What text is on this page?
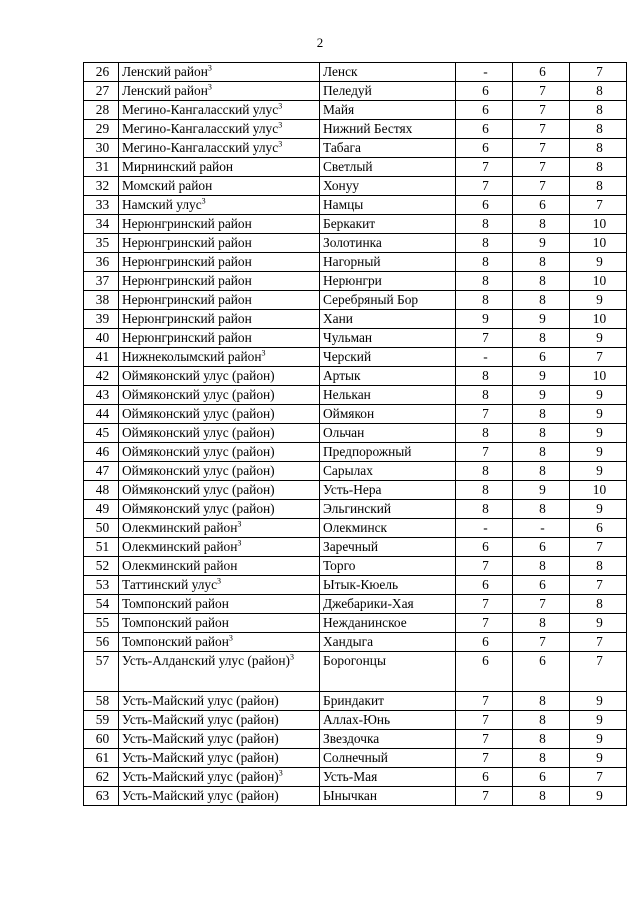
2
26	Ленский район$^3$	Ленск	-	6	7
27	Ленский район$^3$	Пеледуй	6	7	8
28	Мегино-Кангаласский улус$^3$	Майя	6	7	8
29	Мегино-Кангаласский улус$^3$	Нижний Бестях	6	7	8
30	Мегино-Кангаласский улус$^3$	Табага	6	7	8
31	Мирнинский район	Светлый	7	7	8
32	Момский район	Хонуу	7	7	8
33	Намский улус$^3$	Намцы	6	6	7
34	Нерюнгринский район	Беркакит	8	8	10
35	Нерюнгринский район	Золотинка	8	9	10
36	Нерюнгринский район	Нагорный	8	8	9
37	Нерюнгринский район	Нерюнгри	8	8	10
38	Нерюнгринский район	Серебряный Бор	8	8	9
39	Нерюнгринский район	Хани	9	9	10
40	Нерюнгринский район	Чульман	7	8	9
41	Нижнеколымский район$^3$	Черский	-	6	7
42	Оймяконский улус (район)	Артык	8	9	10
43	Оймяконский улус (район)	Нелькан	8	9	9
44	Оймяконский улус (район)	Оймякон	7	8	9
45	Оймяконский улус (район)	Ольчан	8	8	9
46	Оймяконский улус (район)	Предпорожный	7	8	9
47	Оймяконский улус (район)	Сарылах	8	8	9
48	Оймяконский улус (район)	Усть-Нера	8	9	10
49	Оймяконский улус (район)	Эльгинский	8	8	9
50	Олекминский район$^3$	Олекминск	-	-	6
51	Олекминский район$^3$	Заречный	6	6	7
52	Олекминский район	Торго	7	8	8
53	Таттинский улус$^3$	Ытык-Кюель	6	6	7
54	Томпонский район	Джебарики-Хая	7	7	8
55	Томпонский район	Нежданинское	7	8	9
56	Томпонский район$^3$	Хандыга	6	7	7
57	Усть-Алданский улус (район)$^3$	Борогонцы	6	6	7
58	Усть-Майский улус (район)	Бриндакит	7	8	9
59	Усть-Майский улус (район)	Аллах-Юнь	7	8	9
60	Усть-Майский улус (район)	Звездочка	7	8	9
61	Усть-Майский улус (район)	Солнечный	7	8	9
62	Усть-Майский улус (район)$^3$	Усть-Мая	6	6	7
63	Усть-Майский улус (район)	Ынычкан	7	8	9
